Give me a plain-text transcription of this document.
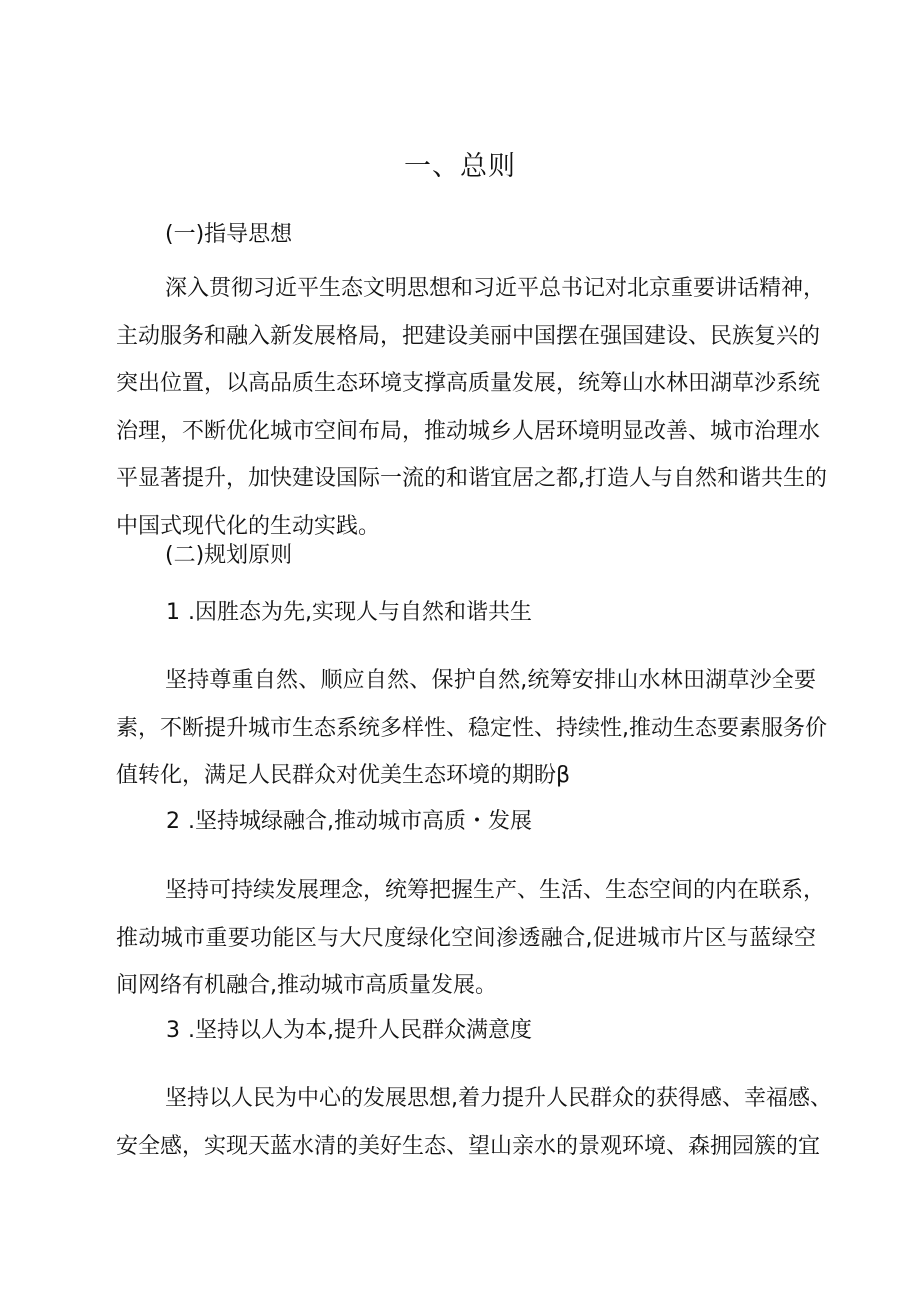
一、总则
(一)指导思想
深入贯彻习近平生态文明思想和习近平总书记对北京重要讲话精神，
主动服务和融入新发展格局，把建设美丽中国摆在强国建设、民族复兴的
突出位置，以高品质生态环境支撑高质量发展，统筹山水林田湖草沙系统
治理，不断优化城市空间布局，推动城乡人居环境明显改善、城市治理水
平显著提升，加快建设国际一流的和谐宜居之都,打造人与自然和谐共生的
中国式现代化的生动实践。
(二)规划原则
1 .因胜态为先,实现人与自然和谐共生
坚持尊重自然、顺应自然、保护自然,统筹安排山水林田湖草沙全要
素，不断提升城市生态系统多样性、稳定性、持续性,推动生态要素服务价
值转化，满足人民群众对优美生态环境的期盼β
2 .坚持城绿融合,推动城市高质・发展
坚持可持续发展理念，统筹把握生产、生活、生态空间的内在联系，
推动城市重要功能区与大尺度绿化空间渗透融合,促进城市片区与蓝绿空
间网络有机融合,推动城市高质量发展。
3 .坚持以人为本,提升人民群众满意度
坚持以人民为中心的发展思想,着力提升人民群众的获得感、幸福感、
安全感，实现天蓝水清的美好生态、望山亲水的景观环境、森拥园簇的宜
